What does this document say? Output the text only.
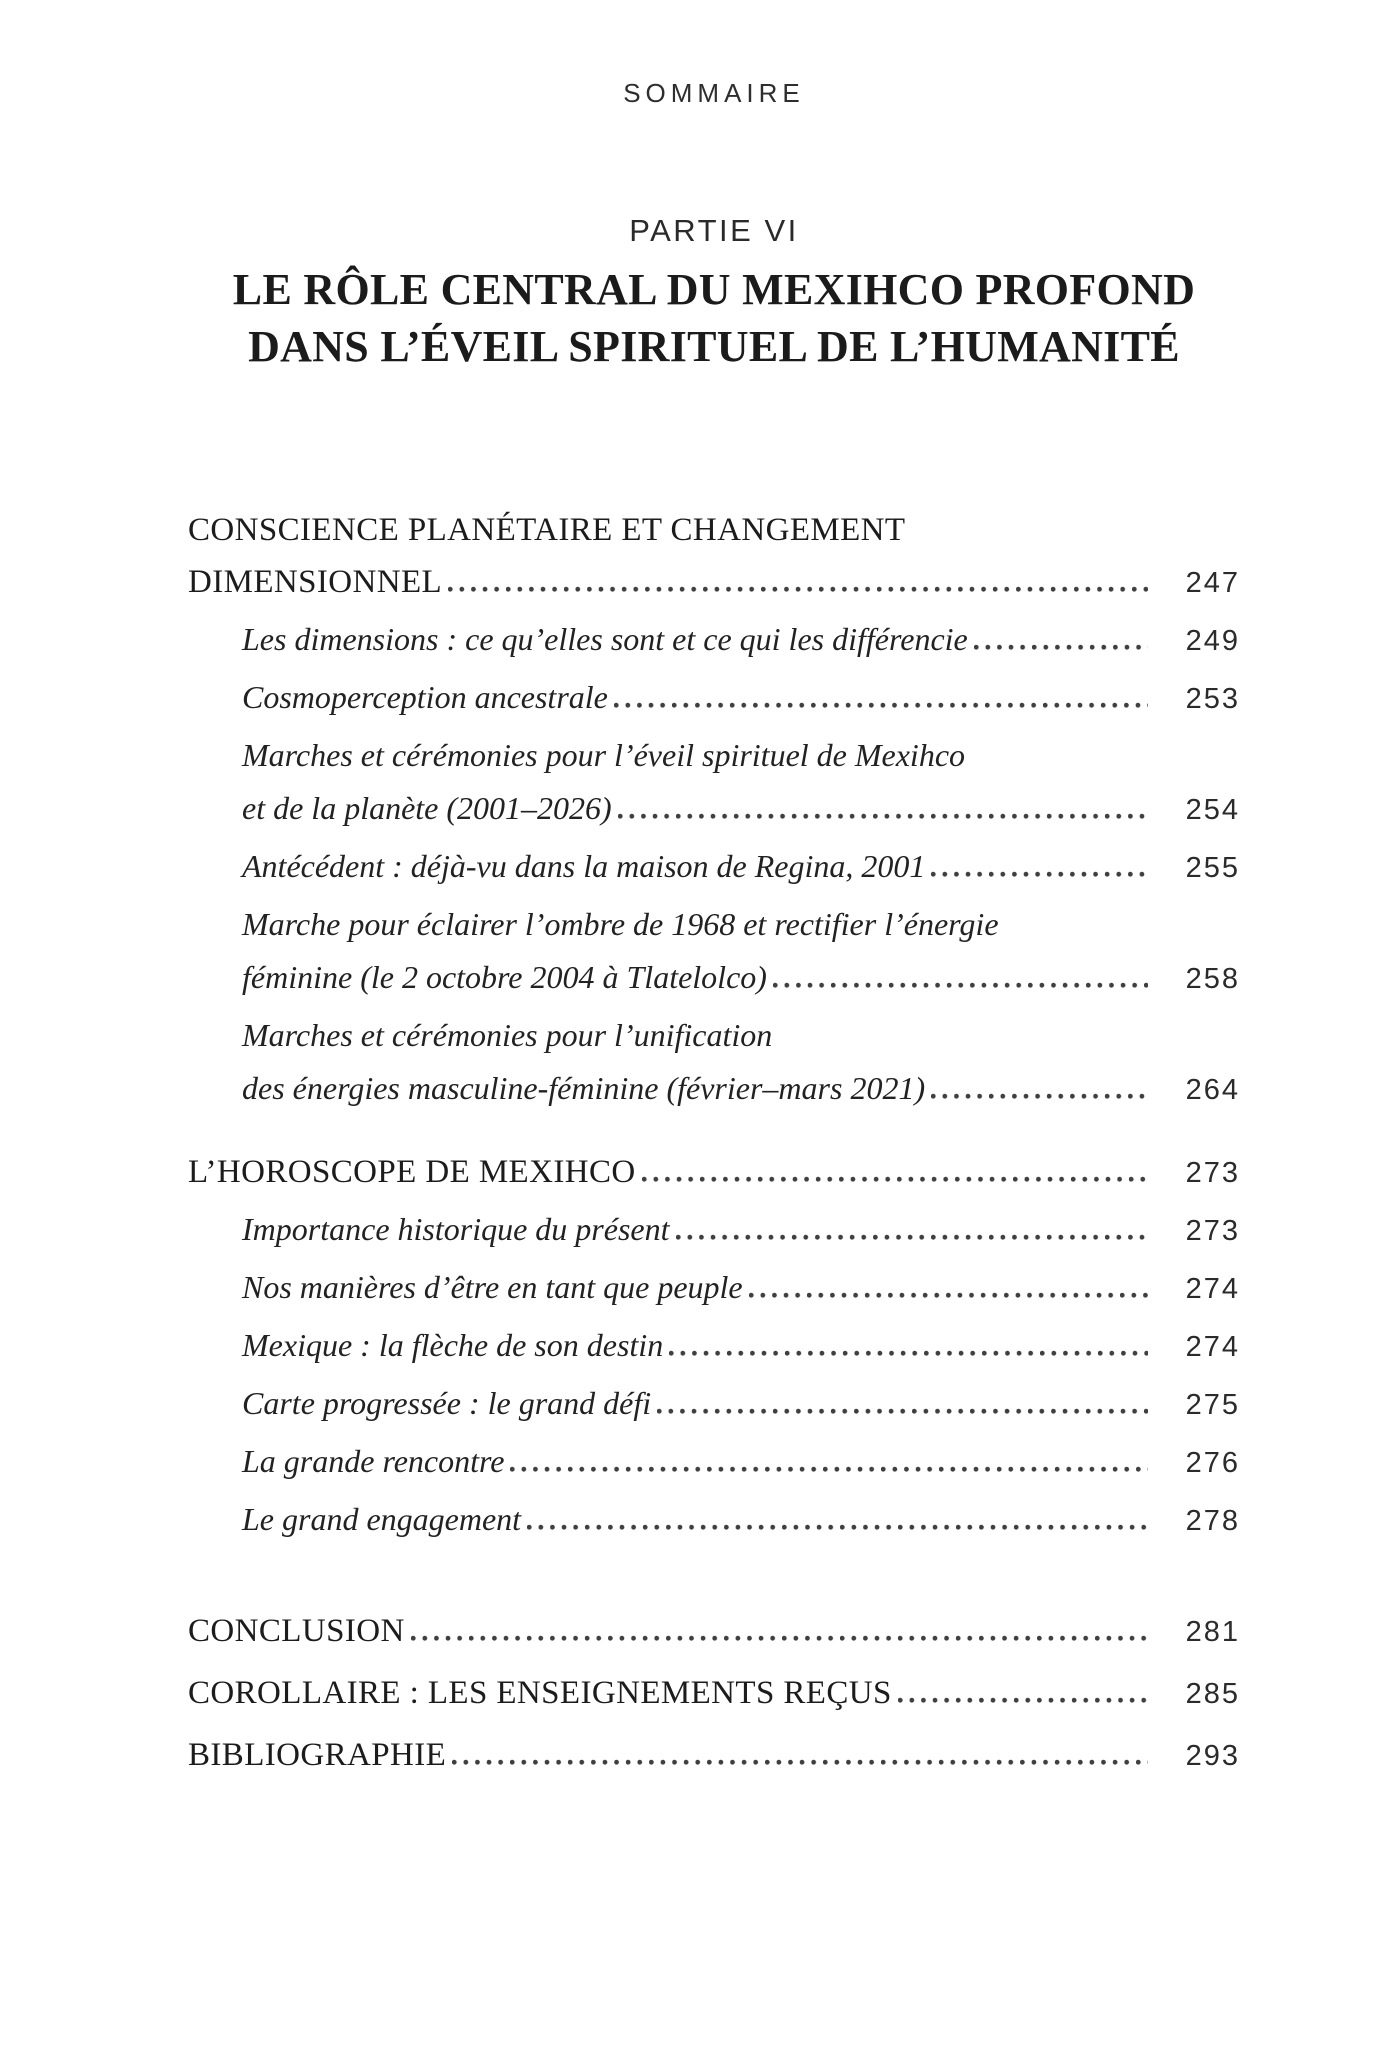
SOMMAIRE
PARTIE VI
LE RÔLE CENTRAL DU MEXIHCO PROFOND
DANS L’ÉVEIL SPIRITUEL DE L’HUMANITÉ
CONSCIENCE PLANÉTAIRE ET CHANGEMENT
DIMENSIONNEL	247
Les dimensions : ce qu’elles sont et ce qui les différencie	249
Cosmoperception ancestrale	253
Marches et cérémonies pour l’éveil spirituel de Mexihco
et de la planète (2001–2026)	254
Antécédent : déjà-vu dans la maison de Regina, 2001	255
Marche pour éclairer l’ombre de 1968 et rectifier l’énergie
féminine (le 2 octobre 2004 à Tlatelolco)	258
Marches et cérémonies pour l’unification
des énergies masculine-féminine (février–mars 2021)	264
L’HOROSCOPE DE MEXIHCO	273
Importance historique du présent	273
Nos manières d’être en tant que peuple	274
Mexique : la flèche de son destin	274
Carte progressée : le grand défi	275
La grande rencontre	276
Le grand engagement	278
CONCLUSION	281
COROLLAIRE : LES ENSEIGNEMENTS REÇUS	285
BIBLIOGRAPHIE	293
